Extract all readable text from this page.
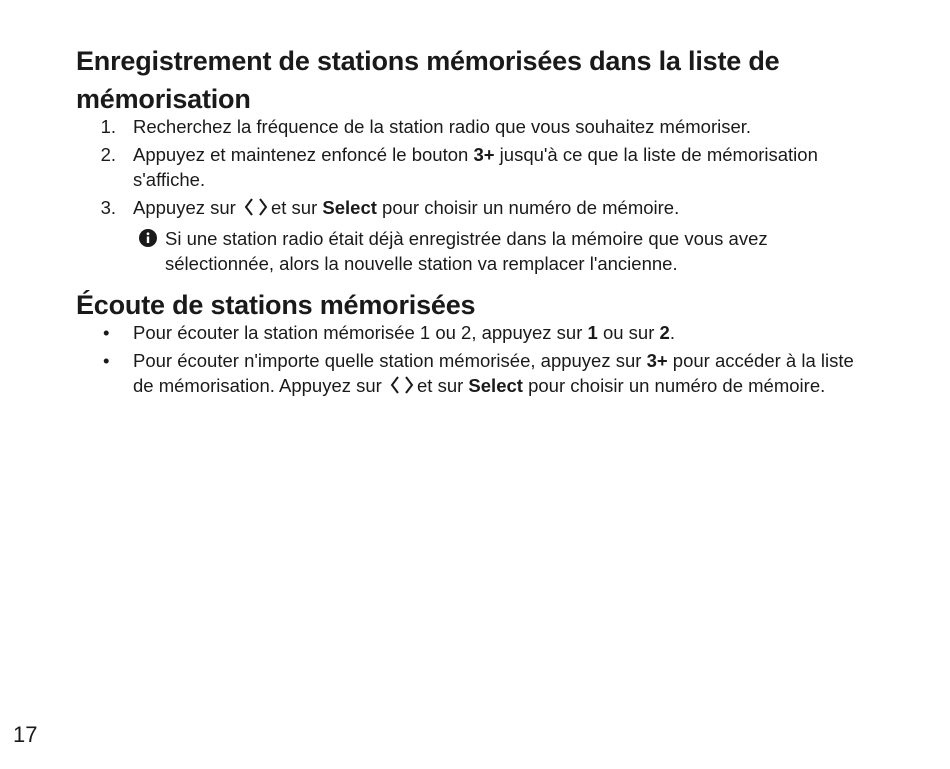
Enregistrement de stations mémorisées dans la liste de mémorisation
1. Recherchez la fréquence de la station radio que vous souhaitez mémoriser.
2. Appuyez et maintenez enfoncé le bouton 3+ jusqu'à ce que la liste de mémorisation s'affiche.
3. Appuyez sur et sur Select pour choisir un numéro de mémoire.
Si une station radio était déjà enregistrée dans la mémoire que vous avez sélectionnée, alors la nouvelle station va remplacer l'ancienne.
Écoute de stations mémorisées
• Pour écouter la station mémorisée 1 ou 2, appuyez sur 1 ou sur 2.
• Pour écouter n'importe quelle station mémorisée, appuyez sur 3+ pour accéder à la liste de mémorisation. Appuyez sur et sur Select pour choisir un numéro de mémoire.
17
